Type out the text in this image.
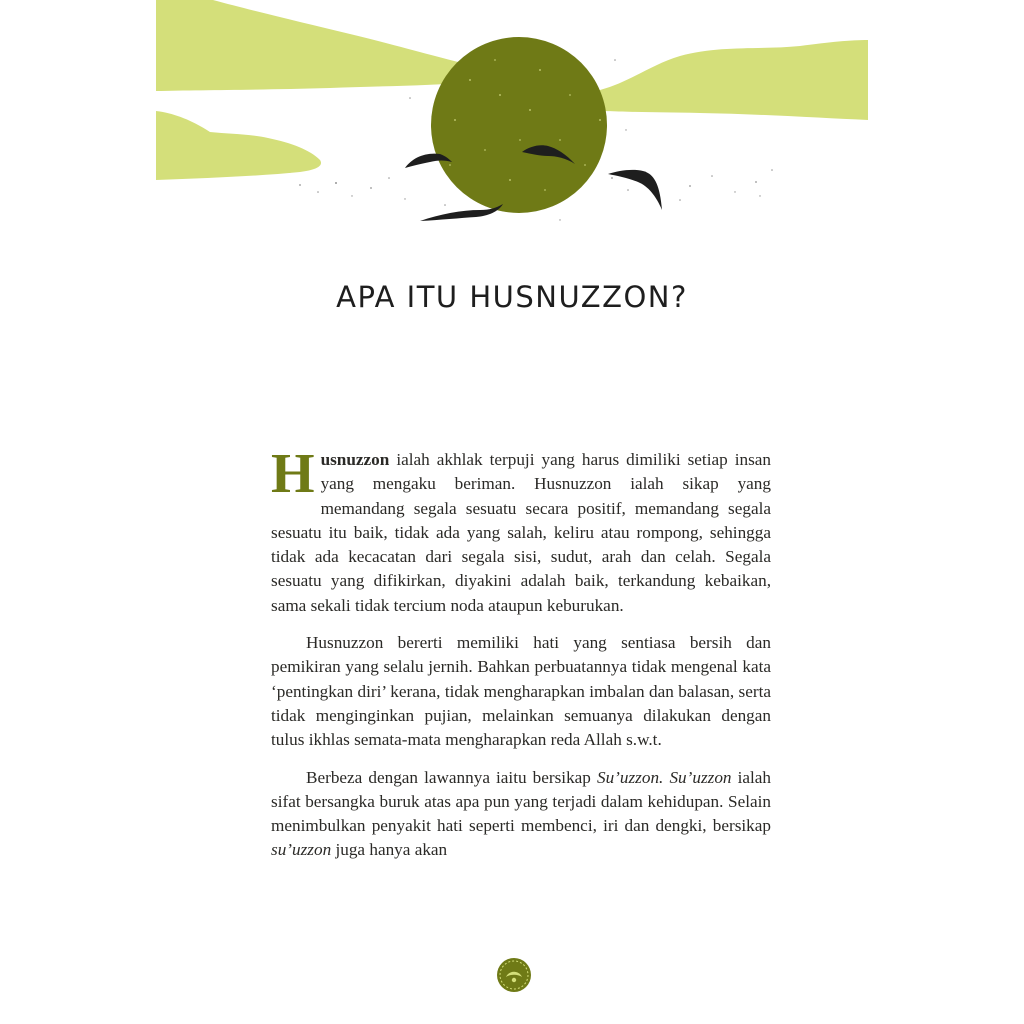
APA ITU HUSNUZZON?

Husnuzzon ialah akhlak terpuji yang harus dimiliki setiap insan yang mengaku beriman. Husnuzzon ialah sikap yang memandang segala sesuatu secara positif, memandang segala sesuatu itu baik, tidak ada yang salah, keliru atau rompong, sehingga tidak ada kecacatan dari segala sisi, sudut, arah dan celah. Segala sesuatu yang difikirkan, diyakini adalah baik, terkandung kebaikan, sama sekali tidak tercium noda ataupun keburukan.

Husnuzzon bererti memiliki hati yang sentiasa bersih dan pemikiran yang selalu jernih. Bahkan perbuatannya tidak mengenal kata ‘pentingkan diri’ kerana, tidak mengharapkan imbalan dan balasan, serta tidak menginginkan pujian, melainkan semuanya dilakukan dengan tulus ikhlas semata-mata mengharapkan reda Allah s.w.t.

Berbeza dengan lawannya iaitu bersikap Su’uzzon. Su’uzzon ialah sifat bersangka buruk atas apa pun yang terjadi dalam kehidupan. Selain menimbulkan penyakit hati seperti membenci, iri dan dengki, bersikap su’uzzon juga hanya akan
